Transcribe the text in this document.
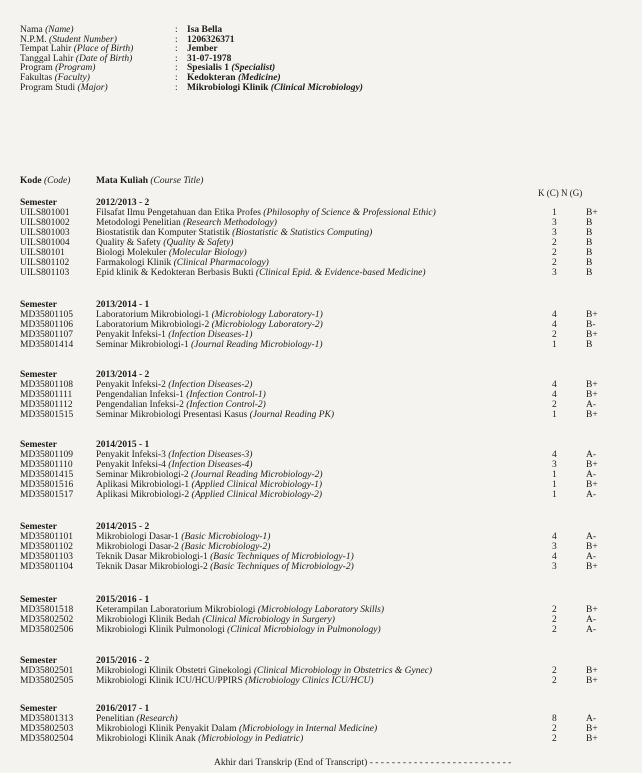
Nama (Name)	: Isa Bella
N.P.M. (Student Number)	: 1206326371
Tempat Lahir (Place of Birth)	: Jember
Tanggal Lahir (Date of Birth)	: 31-07-1978
Program (Program)	: Spesialis 1 (Specialist)
Fakultas (Faculty)	: Kedokteran (Medicine)
Program Studi (Major)	: Mikrobiologi Klinik (Clinical Microbiology)
Kode (Code)	Mata Kuliah (Course Title)
K (C) N (G)
Semester	2012/2013 - 2
UILS801001	Filsafat Ilmu Pengetahuan dan Etika Profes (Philosophy of Science & Professional Ethic)	1	B+
UILS801002	Metodologi Penelitian (Research Methodology)	3	B
UILS801003	Biostatistik dan Komputer Statistik (Biostatistic & Statistics Computing)	3	B
UILS801004	Quality & Safety (Quality & Safety)	2	B
UILS80101	Biologi Molekuler (Molecular Biology)	2	B
UILS801102	Farmakologi Klinik (Clinical Pharmacology)	2	B
UILS801103	Epid klinik & Kedokteran Berbasis Bukti (Clinical Epid. & Evidence-based Medicine)	3	B
Semester	2013/2014 - 1
MD35801105 Laboratorium Mikrobiologi-1 (Microbiology Laboratory-1)	4	B+
MD35801106 Laboratorium Mikrobiologi-2 (Microbiology Laboratory-2)	4	B-
MD35801107 Penyakit Infeksi-1 (Infection Diseases-1)	2	B+
MD35801414 Seminar Mikrobiologi-1 (Journal Reading Microbiology-1)	1	B
Semester	2013/2014 - 2
MD35801108 Penyakit Infeksi-2 (Infection Diseases-2)	4	B+
MD35801111	Pengendalian Infeksi-1 (Infection Control-1)	4	B+
MD35801112 Pengendalian Infeksi-2 (Infection Control-2)	2	A-
MD35801515 Seminar Mikrobiologi Presentasi Kasus (Journal Reading PK)	1	B+
Semester	2014/2015 - 1
MD35801109 Penyakit Infeksi-3 (Infection Diseases-3)	4	A-
MD35801110 Penyakit Infeksi-4 (Infection Diseases-4)	3	B+
MD35801415 Seminar Mikrobiologi-2 (Journal Reading Microbiology-2)	1	A-
MD35801516 Aplikasi Mikrobiologi-1 (Applied Clinical Microbiology-1)	1	B+
MD35801517 Aplikasi Mikrobiologi-2 (Applied Clinical Microbiology-2)	1	A-
Semester	2014/2015 - 2
MD35801101 Mikrobiologi Dasar-1 (Basic Microbiology-1)	4	A-
MD35801102 Mikrobiologi Dasar-2 (Basic Microbiology-2)	3	B+
MD35801103 Teknik Dasar Mikrobiologi-1 (Basic Techniques of Microbiology-1)	4	A-
MD35801104 Teknik Dasar Mikrobiologi-2 (Basic Techniques of Microbiology-2)	3	B+
Semester	2015/2016 - 1
MD35801518 Keterampilan Laboratorium Mikrobiologi (Microbiology Laboratory Skills)	2	B+
MD35802502 Mikrobiologi Klinik Bedah (Clinical Microbiology in Surgery)	2	A-
MD35802506 Mikrobiologi Klinik Pulmonologi (Clinical Microbiology in Pulmonology)	2	A-
Semester	2015/2016 - 2
MD35802501 Mikrobiologi Klinik Obstetri Ginekologi (Clinical Microbiology in Obstetrics & Gynec)	2	B+
MD35802505 Mikrobiologi Klinik ICU/HCU/PPIRS (Microbiology Clinics ICU/HCU)	2	B+
Semester	2016/2017 - 1
MD35801313 Penelitian (Research)	8	A-
MD35802503 Mikrobiologi Klinik Penyakit Dalam (Microbiology in Internal Medicine)	2	B+
MD35802504 Mikrobiologi Klinik Anak (Microbiology in Pediatric)	2	B+
Akhir dari Transkrip (End of Transcript) - - - - - - - - - - - - - - - - - - - - - - - - - -
